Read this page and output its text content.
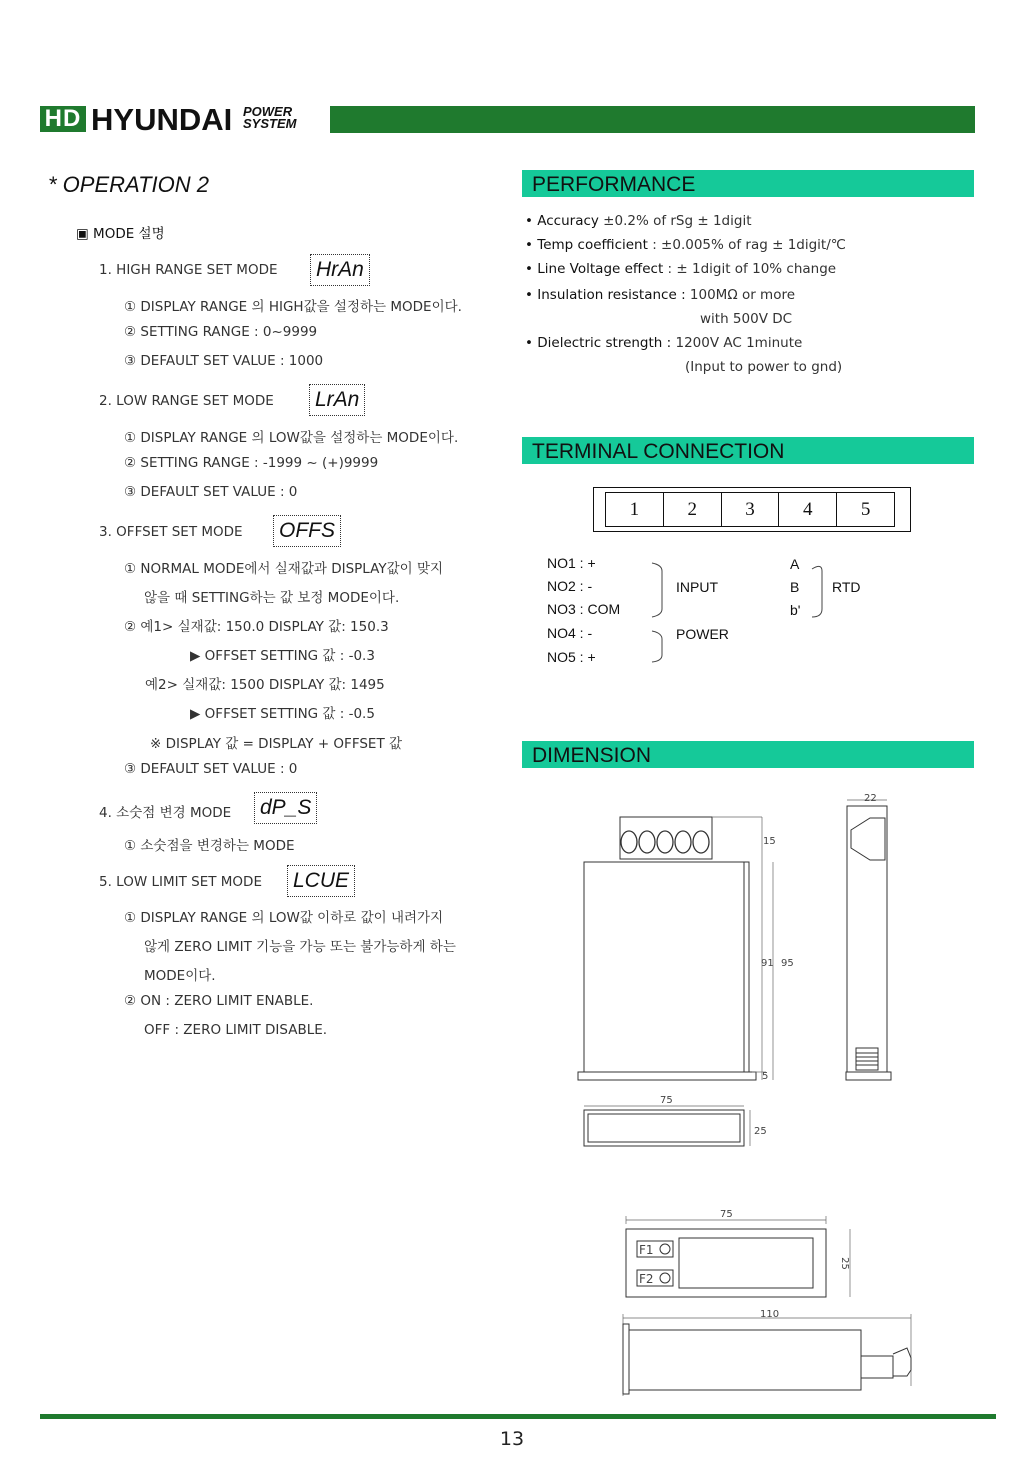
HD HYUNDAI POWER
SYSTEM
* OPERATION 2
▣ MODE 설명
1. HIGH RANGE SET MODE HrAn
① DISPLAY RANGE 의 HIGH값을 설정하는 MODE이다.
② SETTING RANGE : 0~9999
③ DEFAULT SET VALUE : 1000
2. LOW RANGE SET MODE LrAn
① DISPLAY RANGE 의 LOW값을 설정하는 MODE이다.
② SETTING RANGE : -1999 ~ (+)9999
③ DEFAULT SET VALUE : 0
3. OFFSET SET MODE OFFS
① NORMAL MODE에서 실재값과 DISPLAY값이 맞지
않을 때 SETTING하는 값 보정 MODE이다.
② 예1> 실재값: 150.0 DISPLAY 값: 150.3
▶ OFFSET SETTING 값 : -0.3
예2> 실재값: 1500 DISPLAY 값: 1495
▶ OFFSET SETTING 값 : -0.5
※ DISPLAY 값 = DISPLAY + OFFSET 값
③ DEFAULT SET VALUE : 0
4. 소숫점 변경 MODE dP_S
① 소숫점을 변경하는 MODE
5. LOW LIMIT SET MODE LCUE
① DISPLAY RANGE 의 LOW값 이하로 값이 내려가지
않게 ZERO LIMIT 기능을 가능 또는 불가능하게 하는
MODE이다.
② ON : ZERO LIMIT ENABLE.
OFF : ZERO LIMIT DISABLE.
PERFORMANCE
• Accuracy ±0.2% of rSg ± 1digit
• Temp coefficient : ±0.005% of rag ± 1digit/℃
• Line Voltage effect : ± 1digit of 10% change
• Insulation resistance : 100MΩ or more
with 500V DC
• Dielectric strength : 1200V AC 1minute
(Input to power to gnd)
TERMINAL CONNECTION
1	2	3	4	5
NO1 : +
NO2 : -
NO3 : COM
NO4 : -
NO5 : +
INPUT
POWER
A
B
b'
RTD
DIMENSION
22
15
91 95
5
75
25
75
25
110
F1
F2
13
